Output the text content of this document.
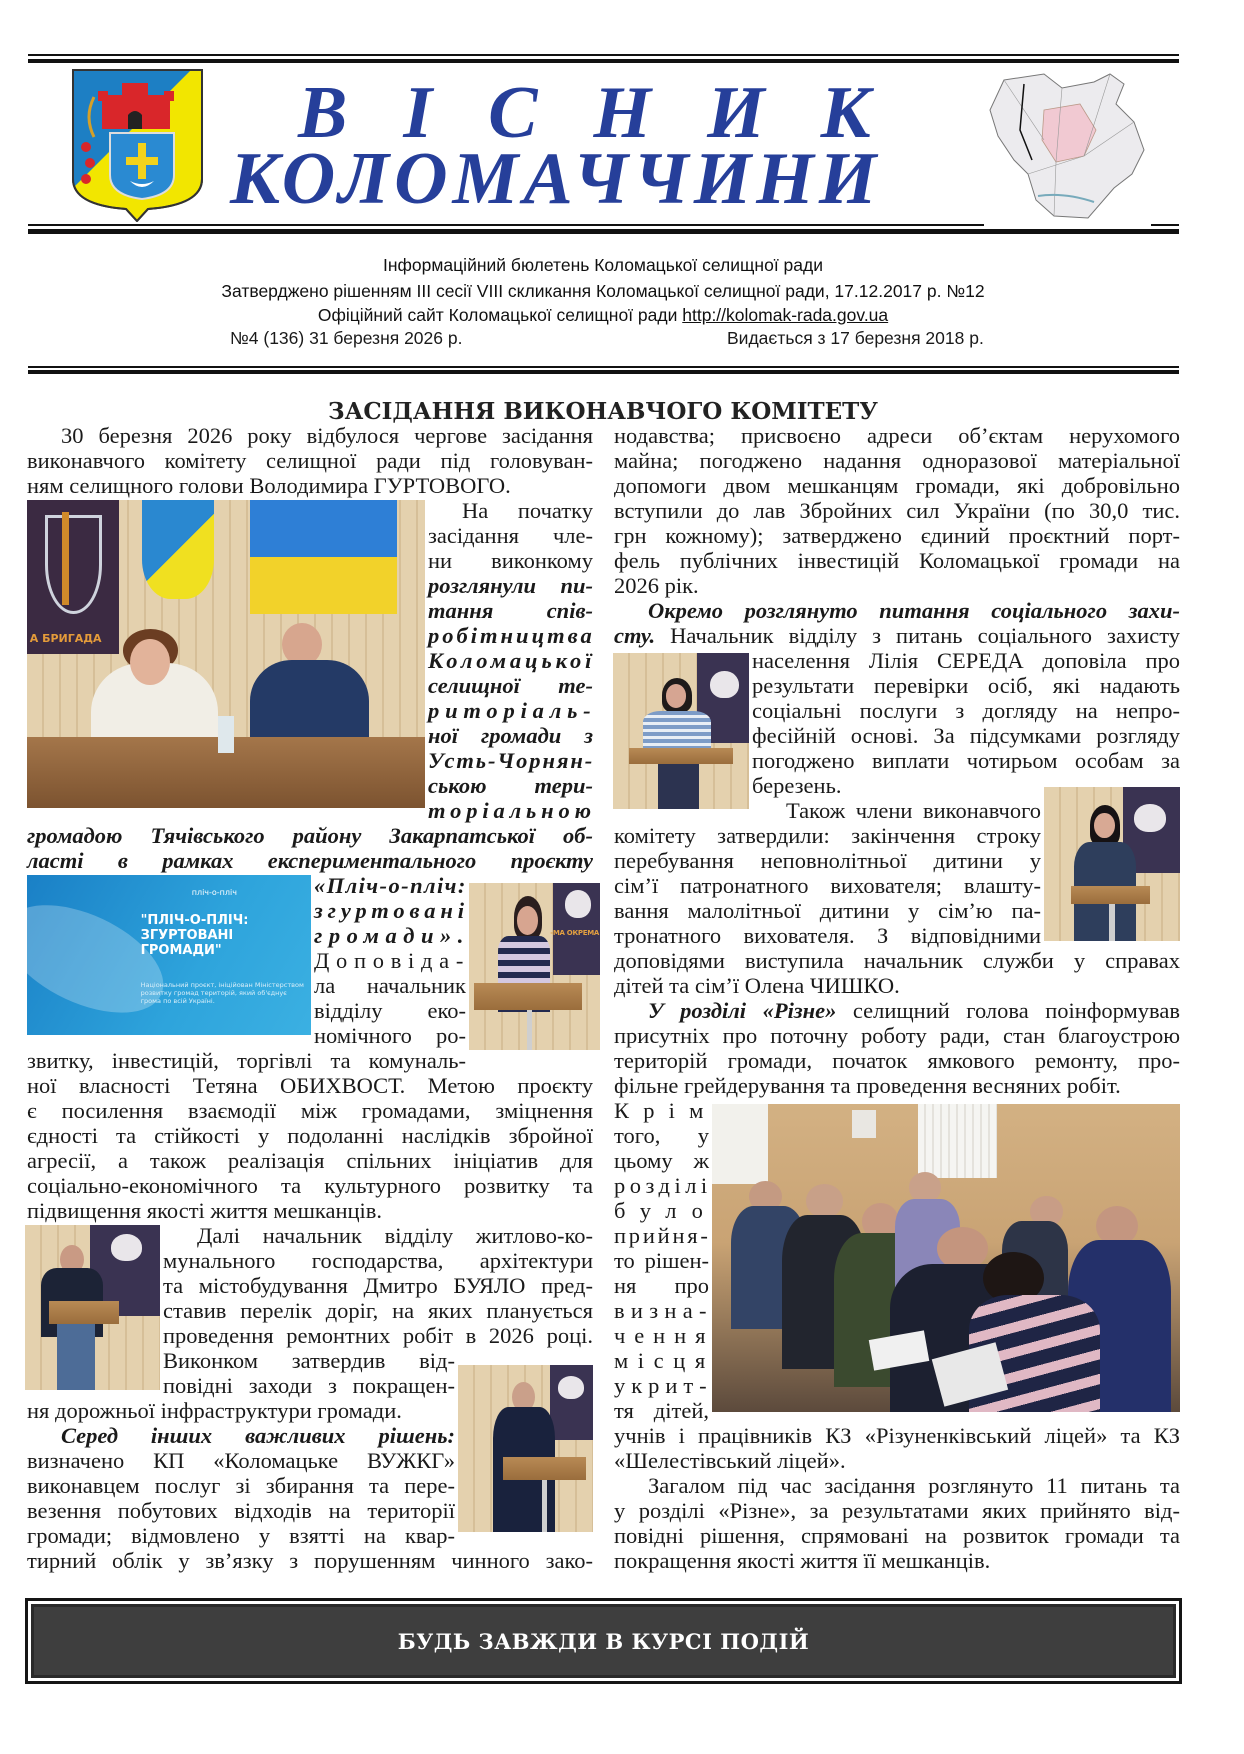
ВІСНИК
КОЛОМАЧЧИНИ
Інформаційний бюлетень Коломацької селищної ради
Затверджено рішенням ІІІ сесії VIII скликання Коломацької селищної ради, 17.12.2017 р. №12
Офіційний сайт Коломацької селищної ради http://kolomak-rada.gov.ua
№4 (136) 31 березня 2026 р.	Видається з 17 березня 2018 р.
ЗАСІДАННЯ ВИКОНАВЧОГО КОМІТЕТУ
А БРИГАДА
пліч-о-пліч
"ПЛІЧ-О-ПЛІЧ: ЗГУРТОВАНІ ГРОМАДИ"
Національний проєкт, ініційован Міністерством розвитку громад територій, який об'єднує грома по всій Україні.
-МА ОКРЕМА
30 березня 2026 року відбулося чергове засідання
виконавчого комітету селищної ради під головуван-
ням селищного голови Володимира ГУРТОВОГО.
На початку
засідання чле-
ни виконкому
розглянули пи-
тання спів-
робітництва
Коломацької
селищної те-
риторіаль-
ної громади з
Усть-Чорнян-
ською тери-
торіальною
громадою Тячівського району Закарпатської об-
ласті в рамках експериментального проєкту
«Пліч-о-пліч:
згуртовані
громади».
Доповіда-
ла начальник
відділу еко-
номічного ро-
звитку, інвестицій, торгівлі та комуналь-
ної власності Тетяна ОБИХВОСТ. Метою проєкту
є посилення взаємодії між громадами, зміцнення
єдності та стійкості у подоланні наслідків збройної
агресії, а також реалізація спільних ініціатив для
соціально-економічного та культурного розвитку та
підвищення якості життя мешканців.
Далі начальник відділу житлово-ко-
мунального господарства, архітектури
та містобудування Дмитро БУЯЛО пред-
ставив перелік доріг, на яких планується
проведення ремонтних робіт в 2026 році.
Виконком затвердив від-
повідні заходи з покращен-
ня дорожньої інфраструктури громади.
Серед інших важливих рішень:
визначено КП «Коломацьке ВУЖКГ»
виконавцем послуг зі збирання та пере-
везення побутових відходів на території
громади; відмовлено у взятті на квар-
тирний облік у зв’язку з порушенням чинного зако-
нодавства; присвоєно адреси об’єктам нерухомого
майна; погоджено надання одноразової матеріальної
допомоги двом мешканцям громади, які добровільно
вступили до лав Збройних сил України (по 30,0 тис.
грн кожному); затверджено єдиний проєктний порт-
фель публічних інвестицій Коломацької громади на
2026 рік.
Окремо розглянуто питання соціального захи-
сту. Начальник відділу з питань соціального захисту
населення Лілія СЕРЕДА доповіла про
результати перевірки осіб, які надають
соціальні послуги з догляду на непро-
фесійній основі. За підсумками розгляду
погоджено виплати чотирьом особам за
березень.
Також члени виконавчого
комітету затвердили: закінчення строку
перебування неповнолітньої дитини у
сім’ї патронатного вихователя; влашту-
вання малолітньої дитини у сім’ю па-
тронатного вихователя. З відповідними
доповідями виступила начальник служби у справах
дітей та сім’ї Олена ЧИШКО.
У розділі «Різне» селищний голова поінформував
присутніх про поточну роботу ради, стан благоустрою
територій громади, початок ямкового ремонту, про-
фільне грейдерування та проведення весняних робіт.
Крім
того, у
цьому ж
розділі
було
прийня-
то рішен-
ня про
визна-
чення
місця
укрит-
тя дітей,
учнів і працівників КЗ «Різуненківський ліцей» та КЗ
«Шелестівський ліцей».
Загалом під час засідання розглянуто 11 питань та
у розділі «Різне», за результатами яких прийнято від-
повідні рішення, спрямовані на розвиток громади та
покращення якості життя її мешканців.
БУДЬ ЗАВЖДИ В КУРСІ ПОДІЙ
